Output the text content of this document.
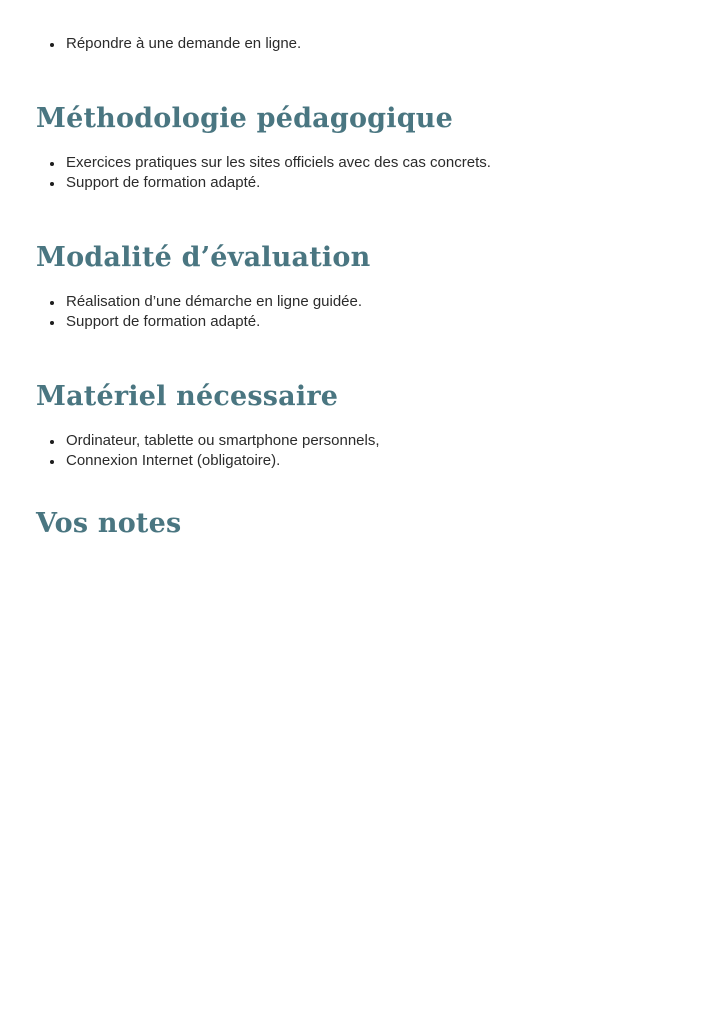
• Répondre à une demande en ligne.
Méthodologie pédagogique
• Exercices pratiques sur les sites officiels avec des cas concrets.
• Support de formation adapté.
Modalité d’évaluation
• Réalisation d’une démarche en ligne guidée.
• Support de formation adapté.
Matériel nécessaire
• Ordinateur, tablette ou smartphone personnels,
• Connexion Internet (obligatoire).
Vos notes
